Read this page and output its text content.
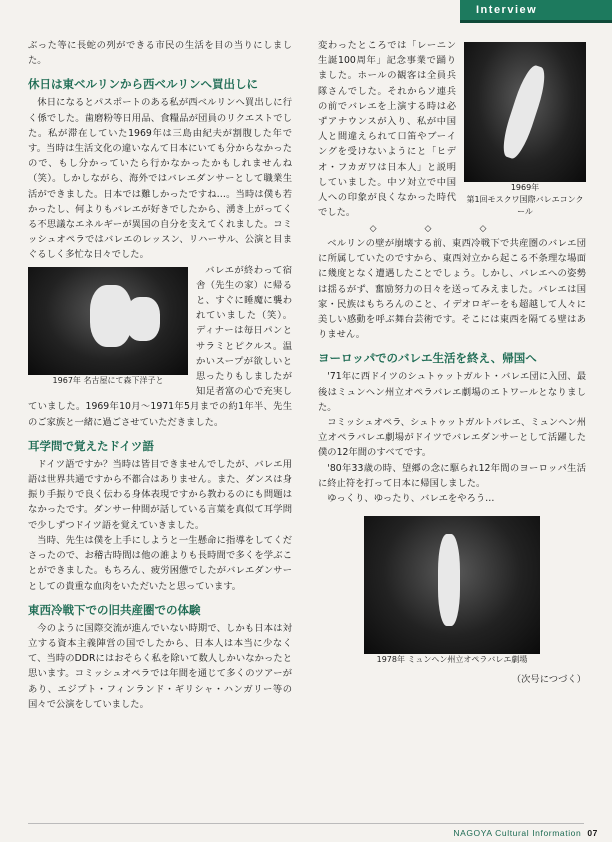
Interview

ぶった等に長蛇の列ができる市民の生活を目の当りにしました。

休日は東ベルリンから西ベルリンへ買出しに

休日になるとパスポートのある私が西ベルリンへ買出しに行く係でした。歯磨粉等日用品、食糧品が団員のリクエストでした。私が滞在していた1969年は三島由紀夫が割腹した年です。当時は生活文化の違いなんて日本にいても分からなかったので、もし分かっていたら行かなかったかもしれませんね（笑）。しかしながら、海外ではバレエダンサーとして職業生活ができました。日本では難しかったですね…。当時は僕も若かったし、何よりもバレエが好きでしたから、湧き上がってくる不思議なエネルギーが異国の自分を支えてくれました。コミッシュオペラではバレエのレッスン、リハーサル、公演と目まぐるしく多忙な日々でした。

1967年 名古屋にて森下洋子と

バレエが終わって宿舎（先生の家）に帰ると、すぐに睡魔に襲われていました（笑）。ディナーは毎日パンとサラミとピクルス。温かいスープが欲しいと思ったりもしましたが知足者富の心で充実していました。1969年10月～1971年5月までの約1年半、先生のご家族と一緒に過ごさせていただきました。

耳学問で覚えたドイツ語

ドイツ語ですか？当時は皆目できませんでしたが、バレエ用語は世界共通ですから不都合はありません。また、ダンスは身振り手振りで良く伝わる身体表現ですから教わるのにも問題はなかったです。ダンサー仲間が話している言葉を真似て耳学問で少しずつドイツ語を覚えていきました。

当時、先生は僕を上手にしようと一生懸命に指導をしてくださったので、お稽古時間は他の誰よりも長時間で多くを学ぶことができました。もちろん、疲労困憊でしたがバレエダンサーとしての貴重な血肉をいただいたと思っています。

東西冷戦下での旧共産圏での体験

今のように国際交流が進んでいない時期で、しかも日本は対立する資本主義陣営の国でしたから、日本人は本当に少なくて、当時のDDRにはおそらく私を除いて数人しかいなかったと思います。コミッシュオペラでは年間を通じて多くのツアーがあり、エジプト・フィンランド・ギリシャ・ハンガリー等の国々で公演をしていました。

1969年
第1回モスクワ国際バレエコンクール

変わったところでは「レーニン生誕100周年」記念事業で踊りました。ホールの観客は全員兵隊さんでした。それからソ連兵の前でバレエを上演する時は必ずアナウンスが入り、私が中国人と間違えられて口笛やブーイングを受けないようにと「ヒデオ・フカガワは日本人」と説明していました。中ソ対立で中国人への印象が良くなかった時代でした。

◇◇◇

ベルリンの壁が崩壊する前、東西冷戦下で共産圏のバレエ団に所属していたのですから、東西対立から起こる不条理な場面に幾度となく遭遇したことでしょう。しかし、バレエへの姿勢は揺るがず、奮励努力の日々を送ってみえました。バレエは国家・民族はもちろんのこと、イデオロギーをも超越して人々に美しい感動を呼ぶ舞台芸術です。そこには東西を隔てる壁はありません。

ヨーロッパでのバレエ生活を終え、帰国へ

'71年に西ドイツのシュトゥットガルト・バレエ団に入団、最後はミュンヘン州立オペラバレエ劇場のエトワールとなりました。

コミッシュオペラ、シュトゥットガルトバレエ、ミュンヘン州立オペラバレエ劇場がドイツでバレエダンサーとして活躍した僕の12年間のすべてです。

'80年33歳の時、望郷の念に駆られ12年間のヨーロッパ生活に終止符を打って日本に帰国しました。

ゆっくり、ゆったり、バレエをやろう…

1978年 ミュンヘン州立オペラバレエ劇場
（次号につづく）
NAGOYA Cultural Information 07
